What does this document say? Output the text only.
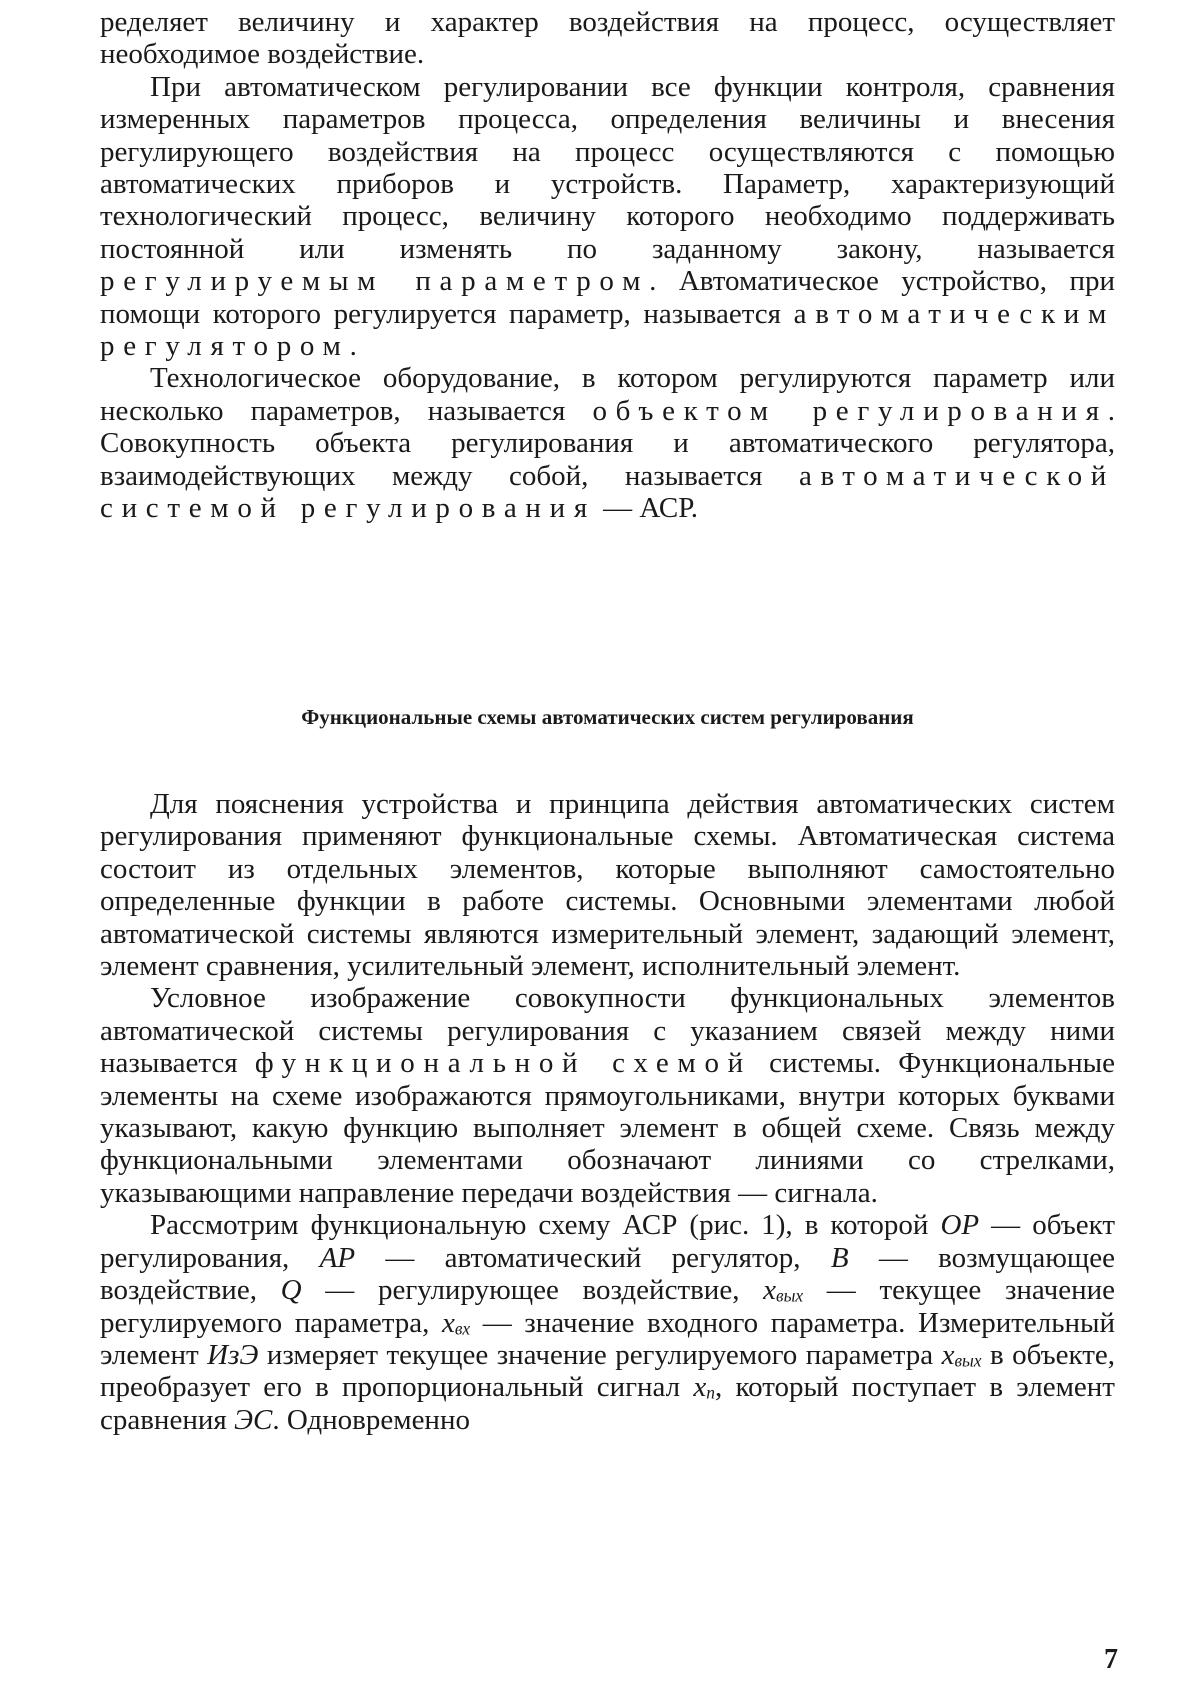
ределяет величину и характер воздействия на процесс, осуществляет необходимое воздействие.

При автоматическом регулировании все функции контроля, сравнения измеренных параметров процесса, определения величины и внесения регулирующего воздействия на процесс осуществляются с помощью автоматических приборов и устройств. Параметр, характеризующий технологический процесс, величину которого необходимо поддерживать постоянной или изменять по заданному закону, называется регулируемым параметром. Автоматическое устройство, при помощи которого регулируется параметр, называется автоматическим регулятором.

Технологическое оборудование, в котором регулируются параметр или несколько параметров, называется объектом регулирования. Совокупность объекта регулирования и автоматического регулятора, взаимодействующих между собой, называется автоматической системой регулирования — АСР.

Для пояснения устройства и принципа действия автоматических систем регулирования применяют функциональные схемы. Автоматическая система состоит из отдельных элементов, которые выполняют самостоятельно определенные функции в работе системы. Основными элементами любой автоматической системы являются измерительный элемент, задающий элемент, элемент сравнения, усилительный элемент, исполнительный элемент.

Условное изображение совокупности функциональных элементов автоматической системы регулирования с указанием связей между ними называется функциональной схемой системы. Функциональные элементы на схеме изображаются прямоугольниками, внутри которых буквами указывают, какую функцию выполняет элемент в общей схеме. Связь между функциональными элементами обозначают линиями со стрелками, указывающими направление передачи воздействия — сигнала.

Рассмотрим функциональную схему АСР (рис. 1), в которой ОР — объект регулирования, АР — автоматический регулятор, В — возмущающее воздействие, Q — регулирующее воздействие, $x_{вых}$ — текущее значение регулируемого параметра, $x_{вх}$ — значение входного параметра. Измерительный элемент ИзЭ измеряет текущее значение регулируемого параметра $x_{вых}$ в объекте, преобразует его в пропорциональный сигнал $x_п$, который поступает в элемент сравнения ЭС. Одновременно

Функциональные схемы автоматических систем регулирования
7
